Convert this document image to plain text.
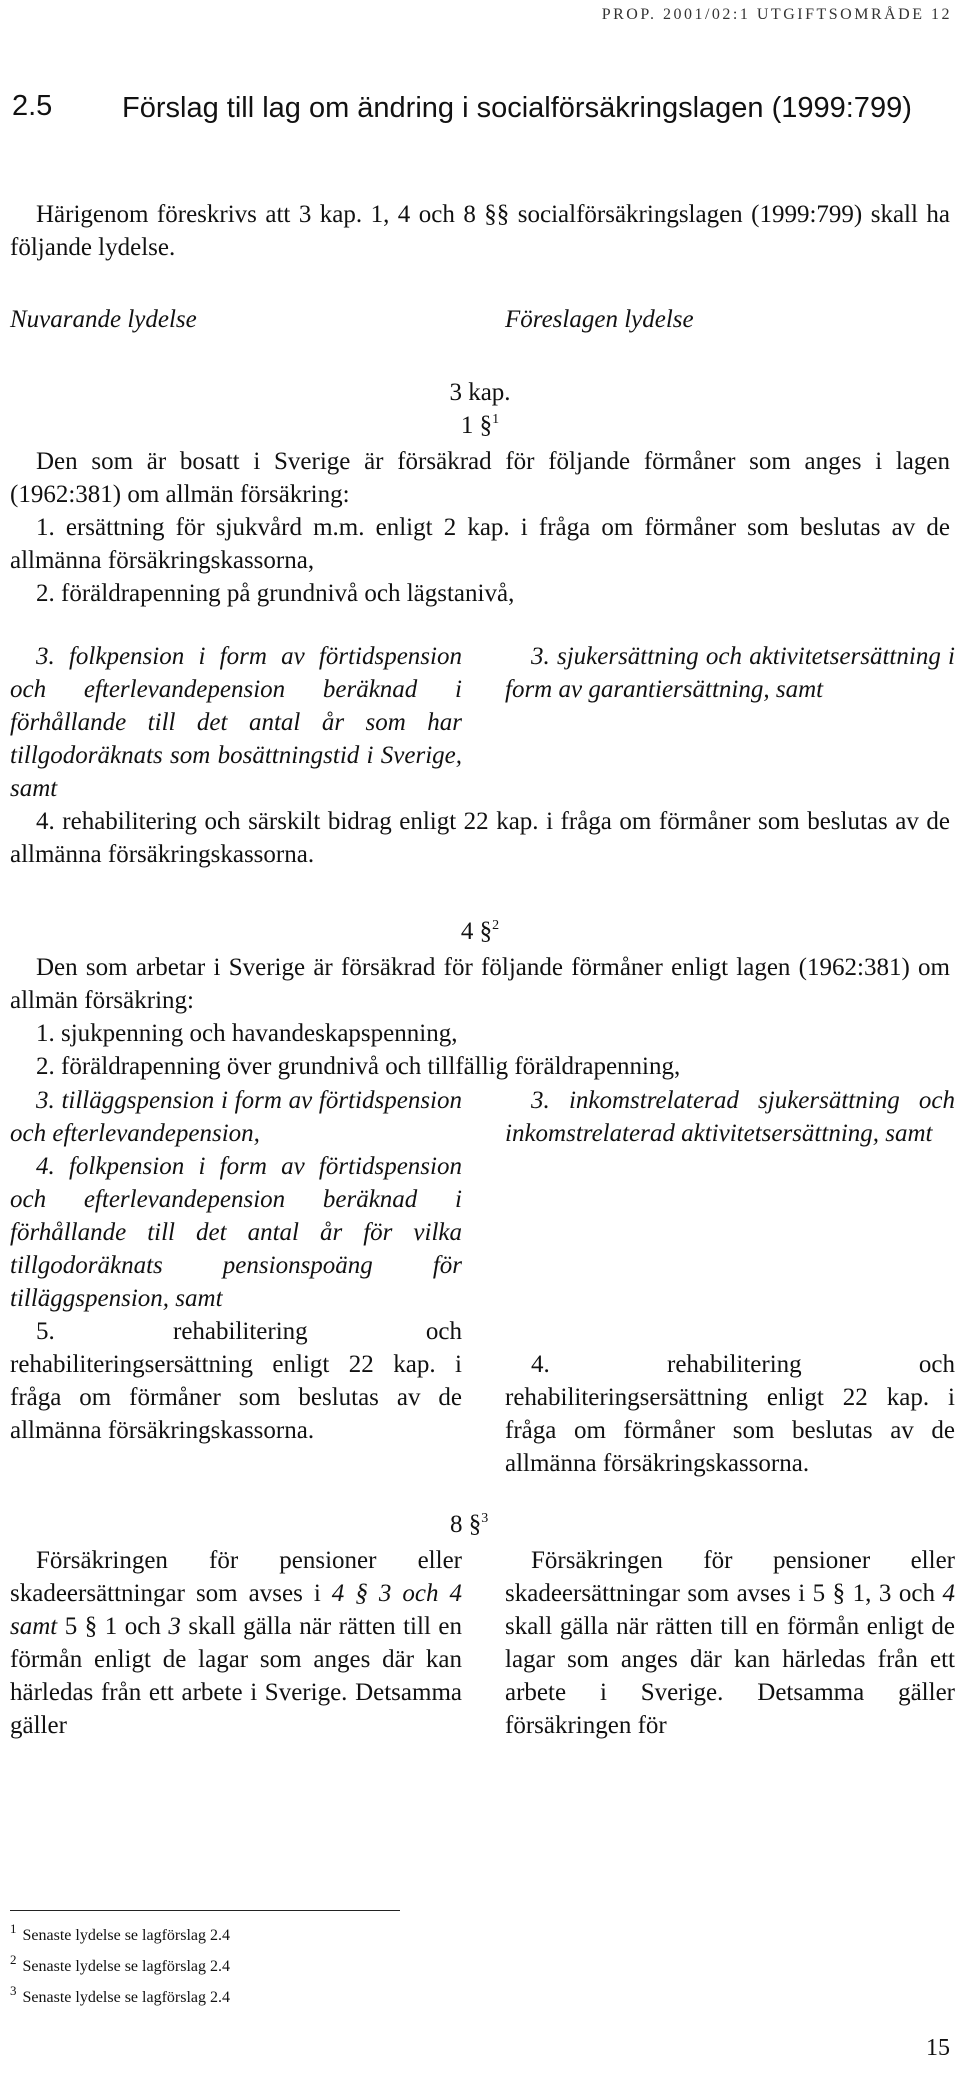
PROP. 2001/02:1 UTGIFTSOMRÅDE 12
2.5 Förslag till lag om ändring i socialförsäkringslagen (1999:799)

Härigenom föreskrivs att 3 kap. 1, 4 och 8 §§ socialförsäkringslagen (1999:799) skall ha följande lydelse.

Nuvarande lydelse	Föreslagen lydelse
3 kap.
1 §$^1$

Den som är bosatt i Sverige är försäkrad för följande förmåner som anges i lagen (1962:381) om allmän försäkring:

1. ersättning för sjukvård m.m. enligt 2 kap. i fråga om förmåner som beslutas av de allmänna försäkringskassorna,

2. föräldrapenning på grundnivå och lägstanivå,

3. folkpension i form av förtidspension och efterlevandepension beräknad i förhållande till det antal år som har tillgodoräknats som bosättningstid i Sverige, samt
3. sjukersättning och aktivitetsersättning i form av garantiersättning, samt

4. rehabilitering och särskilt bidrag enligt 22 kap. i fråga om förmåner som beslutas av de allmänna försäkringskassorna.

4 §$^2$

Den som arbetar i Sverige är försäkrad för följande förmåner enligt lagen (1962:381) om allmän försäkring:

1. sjukpenning och havandeskapspenning,

2. föräldrapenning över grundnivå och tillfällig föräldrapenning,

3. tilläggspension i form av förtidspension och efterlevandepension,

4. folkpension i form av förtidspension och efterlevandepension beräknad i förhållande till det antal år för vilka tillgodoräknats pensionspoäng för tilläggspension, samt

5. rehabilitering och rehabiliteringsersättning enligt 22 kap. i fråga om förmåner som beslutas av de allmänna försäkringskassorna.

3. inkomstrelaterad sjukersättning och inkomstrelaterad aktivitetsersättning, samt
4. rehabilitering och rehabiliteringsersättning enligt 22 kap. i fråga om förmåner som beslutas av de allmänna försäkringskassorna.
8 §$^3$
Försäkringen för pensioner eller skadeersättningar som avses i 4 § 3 och 4 samt 5 § 1 och 3 skall gälla när rätten till en förmån enligt de lagar som anges där kan härledas från ett arbete i Sverige. Detsamma gäller
Försäkringen för pensioner eller skadeersättningar som avses i 5 § 1, 3 och 4 skall gälla när rätten till en förmån enligt de lagar som anges där kan härledas från ett arbete i Sverige. Detsamma gäller försäkringen för
$^1$ Senaste lydelse se lagförslag 2.4
$^2$ Senaste lydelse se lagförslag 2.4
$^3$ Senaste lydelse se lagförslag 2.4
15
